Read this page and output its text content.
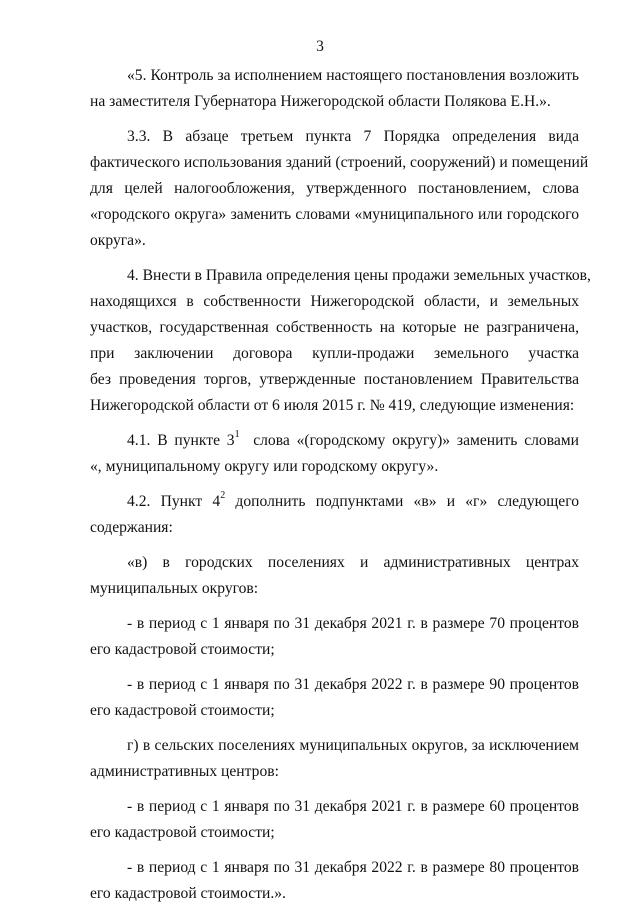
3
«5. Контроль за исполнением настоящего постановления возложить
на заместителя Губернатора Нижегородской области Полякова Е.Н.».
3.3. В абзаце третьем пункта 7 Порядка определения вида
фактического использования зданий (строений, сооружений) и помещений
для целей налогообложения, утвержденного постановлением, слова
«городского округа» заменить словами «муниципального или городского
округа».
4. Внести в Правила определения цены продажи земельных участков,
находящихся в собственности Нижегородской области, и земельных
участков, государственная собственность на которые не разграничена,
при заключении договора купли-продажи земельного участка
без проведения торгов, утвержденные постановлением Правительства
Нижегородской области от 6 июля 2015 г. № 419, следующие изменения:
4.1. В пункте $3^1$  слова «(городскому округу)» заменить словами
«, муниципальному округу или городскому округу».
4.2. Пункт $4^2$ дополнить подпунктами «в» и «г» следующего
содержания:
«в) в городских поселениях и административных центрах
муниципальных округов:
- в период с 1 января по 31 декабря 2021 г. в размере 70 процентов
его кадастровой стоимости;
- в период с 1 января по 31 декабря 2022 г. в размере 90 процентов
его кадастровой стоимости;
г) в сельских поселениях муниципальных округов, за исключением
административных центров:
- в период с 1 января по 31 декабря 2021 г. в размере 60 процентов
его кадастровой стоимости;
- в период с 1 января по 31 декабря 2022 г. в размере 80 процентов
его кадастровой стоимости.».
